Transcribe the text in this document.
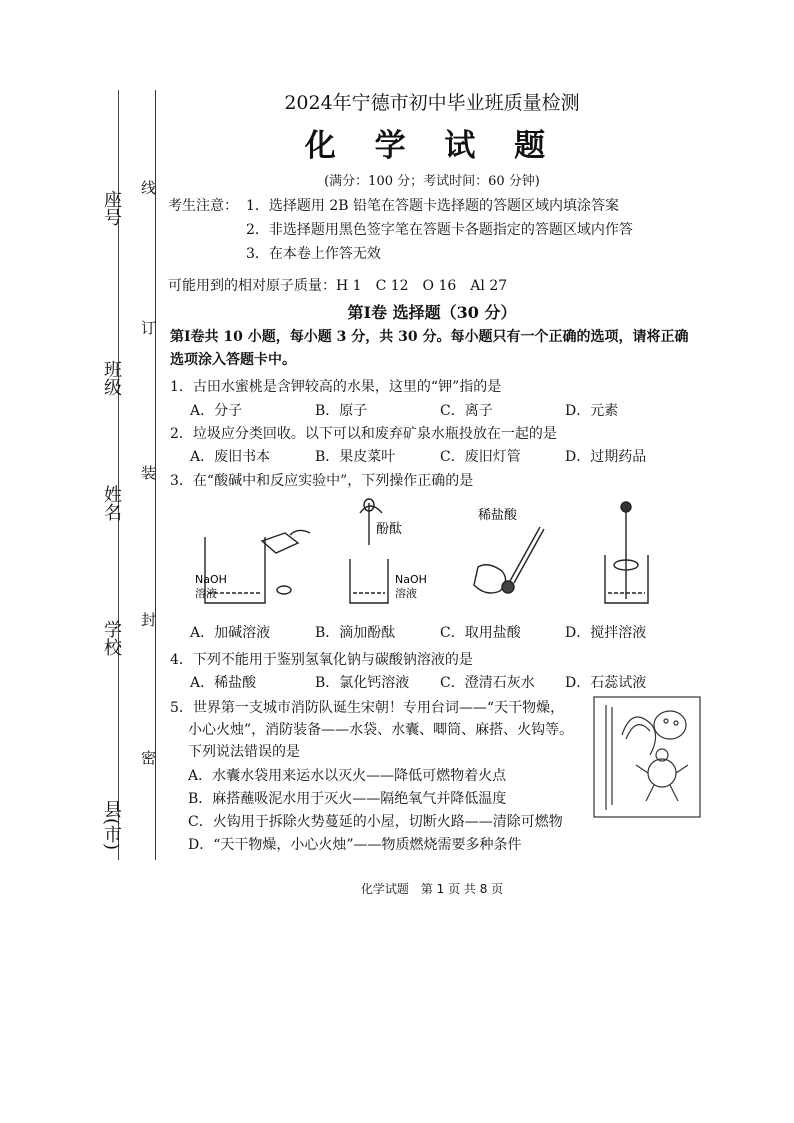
座号
班级
姓名
学校
县(市)
线
订
装
封
密
2024年宁德市初中毕业班质量检测
化 学 试 题
(满分：100 分；考试时间：60 分钟)
考生注意： 1．选择题用 2B 铅笔在答题卡选择题的答题区域内填涂答案
2．非选择题用黑色签字笔在答题卡各题指定的答题区域内作答
3．在本卷上作答无效
可能用到的相对原子质量：H 1　C 12　O 16　Al 27
第Ⅰ卷 选择题（30 分）
第Ⅰ卷共 10 小题，每小题 3 分，共 30 分。每小题只有一个正确的选项，请将正确选项涂入答题卡中。
1．古田水蜜桃是含钾较高的水果，这里的“钾”指的是
A．分子	B．原子	C．离子	D．元素
2．垃圾应分类回收。以下可以和废弃矿泉水瓶投放在一起的是
A．废旧书本	B．果皮菜叶	C．废旧灯管	D．过期药品
3．在“酸碱中和反应实验中”，下列操作正确的是
NaOH
溶液
酚酞
NaOH
溶液
稀盐酸
A．加碱溶液	B．滴加酚酞	C．取用盐酸	D．搅拌溶液
4．下列不能用于鉴别氢氧化钠与碳酸钠溶液的是
A．稀盐酸	B．氯化钙溶液	C．澄清石灰水	D．石蕊试液
5．世界第一支城市消防队诞生宋朝！专用台词——“天干物燥，
小心火烛”，消防装备——水袋、水囊、唧筒、麻搭、火钩等。
下列说法错误的是
A．水囊水袋用来运水以灭火——降低可燃物着火点
B．麻搭蘸吸泥水用于灭火——隔绝氧气并降低温度
C．火钩用于拆除火势蔓延的小屋，切断火路——清除可燃物
D．“天干物燥，小心火烛”——物质燃烧需要多种条件
化学试题　第 1 页 共 8 页
